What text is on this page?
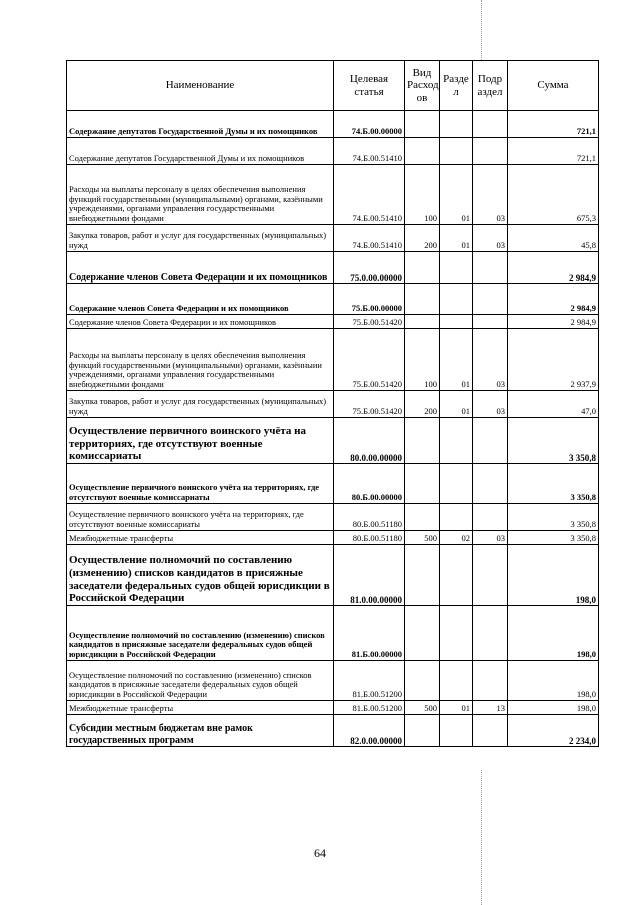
Наименование	Целевая статья	Вид Расход ов	Разде л	Подр аздел	Сумма
Содержание депутатов Государственной Думы и их помощников	74.Б.00.00000				721,1
Содержание депутатов Государственной Думы и их помощников	74.Б.00.51410				721,1
Расходы на выплаты персоналу в целях обеспечения выполнения функций государственными (муниципальными) органами, казёнными учреждениями, органами управления государственными внебюджетными фондами	74.Б.00.51410	100	01	03	675,3
Закупка товаров, работ и услуг для государственных (муниципальных) нужд	74.Б.00.51410	200	01	03	45,8
Содержание членов Совета Федерации и их помощников	75.0.00.00000				2 984,9
Содержание членов Совета Федерации и их помощников	75.Б.00.00000				2 984,9
Содержание членов Совета Федерации и их помощников	75.Б.00.51420				2 984,9
Расходы на выплаты персоналу в целях обеспечения выполнения функций государственными (муниципальными) органами, казённыии учреждениями, органами управления государственными внебюджетными фондами	75.Б.00.51420	100	01	03	2 937,9
Закупка товаров, работ и услуг для государственных (муниципальных) нужд	75.Б.00.51420	200	01	03	47,0
Осуществление первичного воинского учёта на территориях, где отсутствуют военные комиссариаты	80.0.00.00000				3 350,8
Осуществление первичного воинского учёта на территориях, где отсутствуют военные комиссариаты	80.Б.00.00000				3 350,8
Осуществление первичного воинского учёта на территориях, где отсутствуют военные комиссариаты	80.Б.00.51180				3 350,8
Межбюджетные трансферты	80.Б.00.51180	500	02	03	3 350,8
Осуществление полномочий по составлению (изменению) списков кандидатов в присяжные заседатели федеральных судов общей юрисдикции в Российской Федерации	81.0.00.00000				198,0
Осуществление полномочий по составлению (изменению) списков кандидатов в присяжные заседатели федеральных судов общей юрисдикции в Российской Федерации	81.Б.00.00000				198,0
Осуществление полномочий по составлению (изменению) списков кандидатов в присяжные заседатели федеральных судов общей юрисдикции в Российской Федерации	81.Б.00.51200				198,0
Межбюджетные трансферты	81.Б.00.51200	500	01	13	198,0
Субсидии местным бюджетам вне рамок государственных программ	82.0.00.00000				2 234,0
64
